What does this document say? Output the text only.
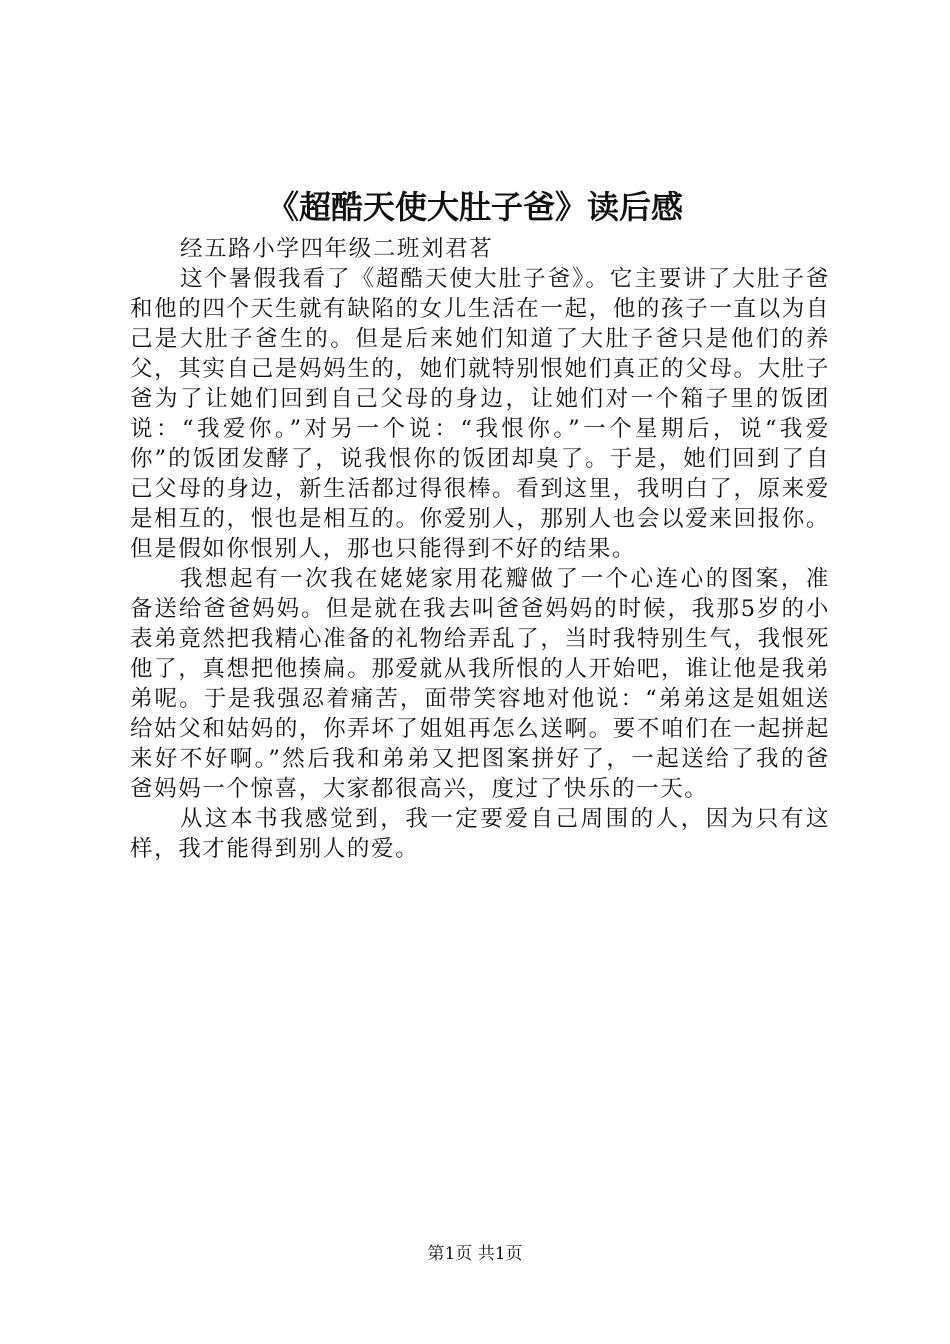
《超酷天使大肚子爸》读后感

经五路小学四年级二班刘君茗

这个暑假我看了《超酷天使大肚子爸》。它主要讲了大肚子爸和他的四个天生就有缺陷的女儿生活在一起，他的孩子一直以为自己是大肚子爸生的。但是后来她们知道了大肚子爸只是他们的养父，其实自己是妈妈生的，她们就特别恨她们真正的父母。大肚子爸为了让她们回到自己父母的身边，让她们对一个箱子里的饭团说：“我爱你。”对另一个说：“我恨你。”一个星期后，说“我爱你”的饭团发酵了，说我恨你的饭团却臭了。于是，她们回到了自己父母的身边，新生活都过得很棒。看到这里，我明白了，原来爱是相互的，恨也是相互的。你爱别人，那别人也会以爱来回报你。但是假如你恨别人，那也只能得到不好的结果。

我想起有一次我在姥姥家用花瓣做了一个心连心的图案，准备送给爸爸妈妈。但是就在我去叫爸爸妈妈的时候，我那5岁的小表弟竟然把我精心准备的礼物给弄乱了，当时我特别生气，我恨死他了，真想把他揍扁。那爱就从我所恨的人开始吧，谁让他是我弟弟呢。于是我强忍着痛苦，面带笑容地对他说：“弟弟这是姐姐送给姑父和姑妈的，你弄坏了姐姐再怎么送啊。要不咱们在一起拼起来好不好啊。”然后我和弟弟又把图案拼好了，一起送给了我的爸爸妈妈一个惊喜，大家都很高兴，度过了快乐的一天。

从这本书我感觉到，我一定要爱自己周围的人，因为只有这样，我才能得到别人的爱。

第1页 共1页
